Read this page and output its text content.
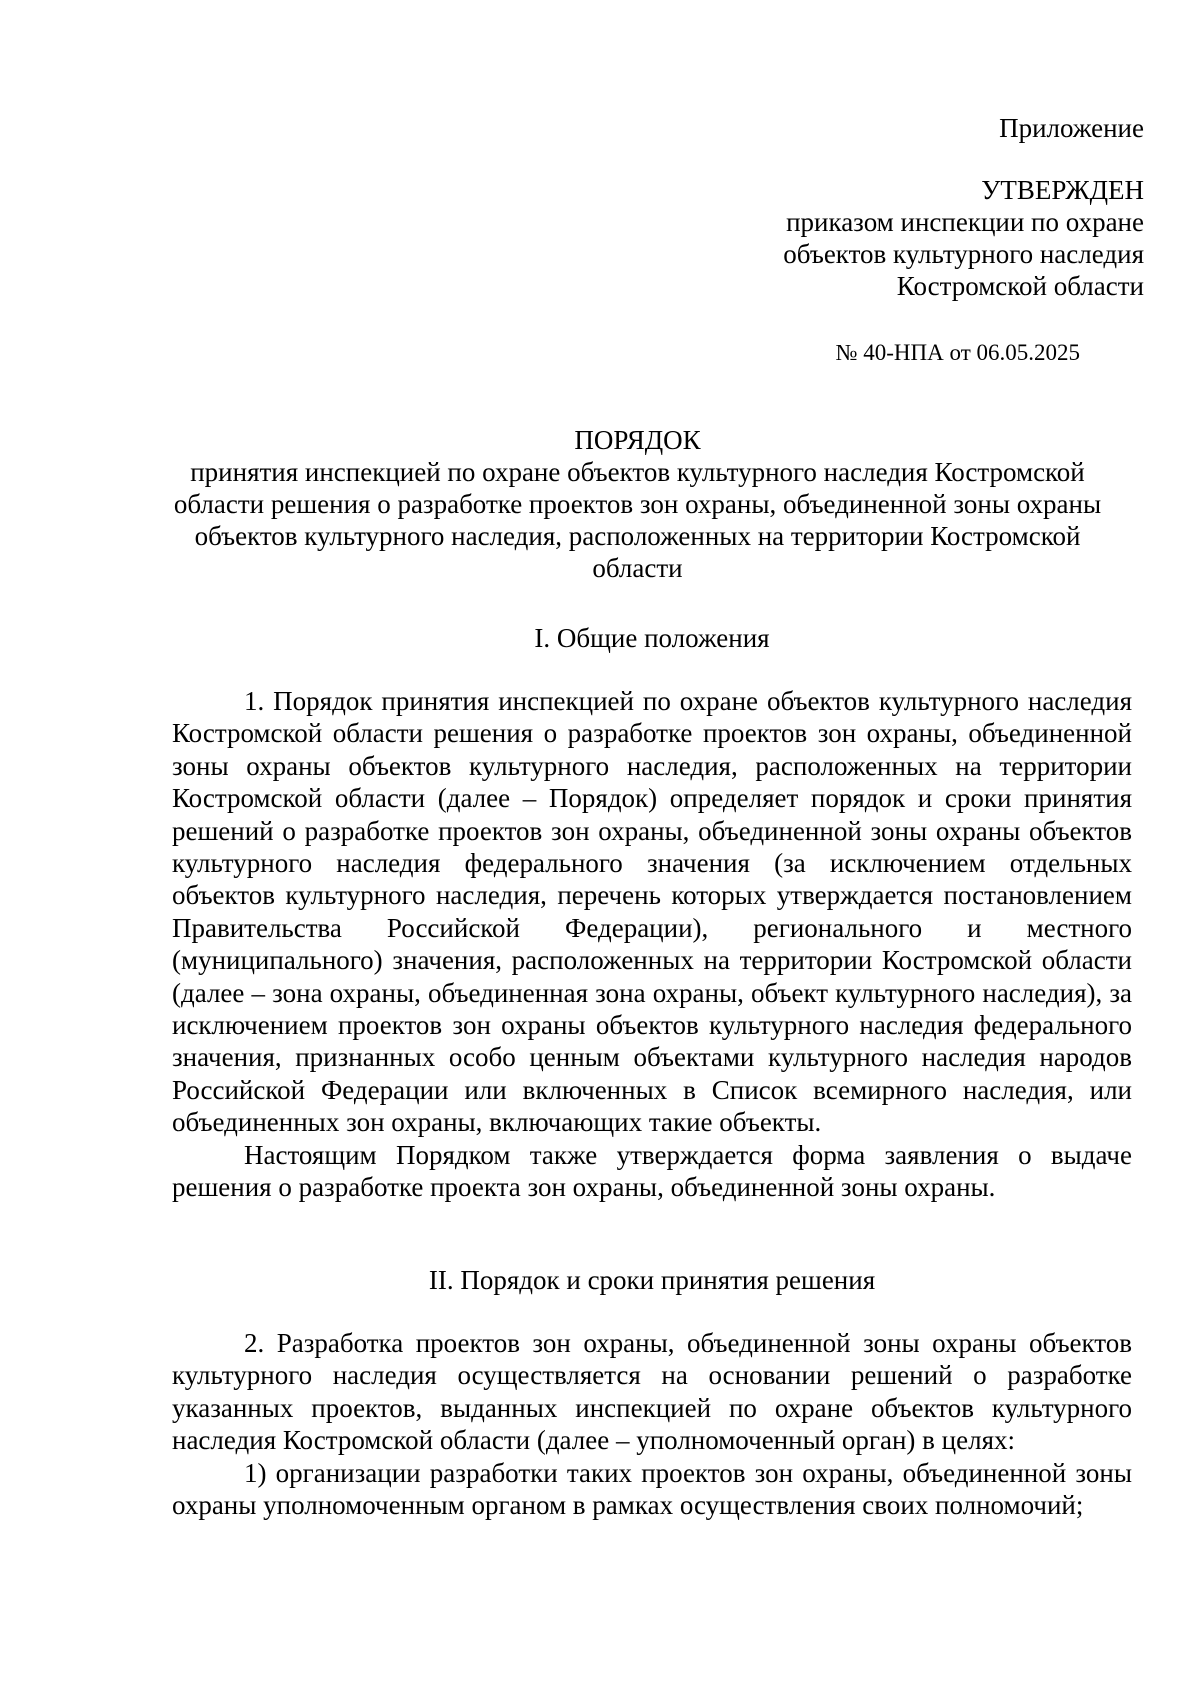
Приложение
УТВЕРЖДЕН
приказом инспекции по охране
объектов культурного наследия
Костромской области
№ 40-НПА от 06.05.2025
ПОРЯДОК
принятия инспекцией по охране объектов культурного наследия Костромской области решения о разработке проектов зон охраны, объединенной зоны охраны объектов культурного наследия, расположенных на территории Костромской области
I. Общие положения

1. Порядок принятия инспекцией по охране объектов культурного наследия Костромской области решения о разработке проектов зон охраны, объединенной зоны охраны объектов культурного наследия, расположенных на территории Костромской области (далее – Порядок) определяет порядок и сроки принятия решений о разработке проектов зон охраны, объединенной зоны охраны объектов культурного наследия федерального значения (за исключением отдельных объектов культурного наследия, перечень которых утверждается постановлением Правительства Российской Федерации), регионального и местного (муниципального) значения, расположенных на территории Костромской области (далее – зона охраны, объединенная зона охраны, объект культурного наследия), за исключением проектов зон охраны объектов культурного наследия федерального значения, признанных особо ценным объектами культурного наследия народов Российской Федерации или включенных в Список всемирного наследия, или объединенных зон охраны, включающих такие объекты.

Настоящим Порядком также утверждается форма заявления о выдаче решения о разработке проекта зон охраны, объединенной зоны охраны.

II. Порядок и сроки принятия решения

2. Разработка проектов зон охраны, объединенной зоны охраны объектов культурного наследия осуществляется на основании решений о разработке указанных проектов, выданных инспекцией по охране объектов культурного наследия Костромской области (далее – уполномоченный орган) в целях:

1) организации разработки таких проектов зон охраны, объединенной зоны охраны уполномоченным органом в рамках осуществления своих полномочий;
